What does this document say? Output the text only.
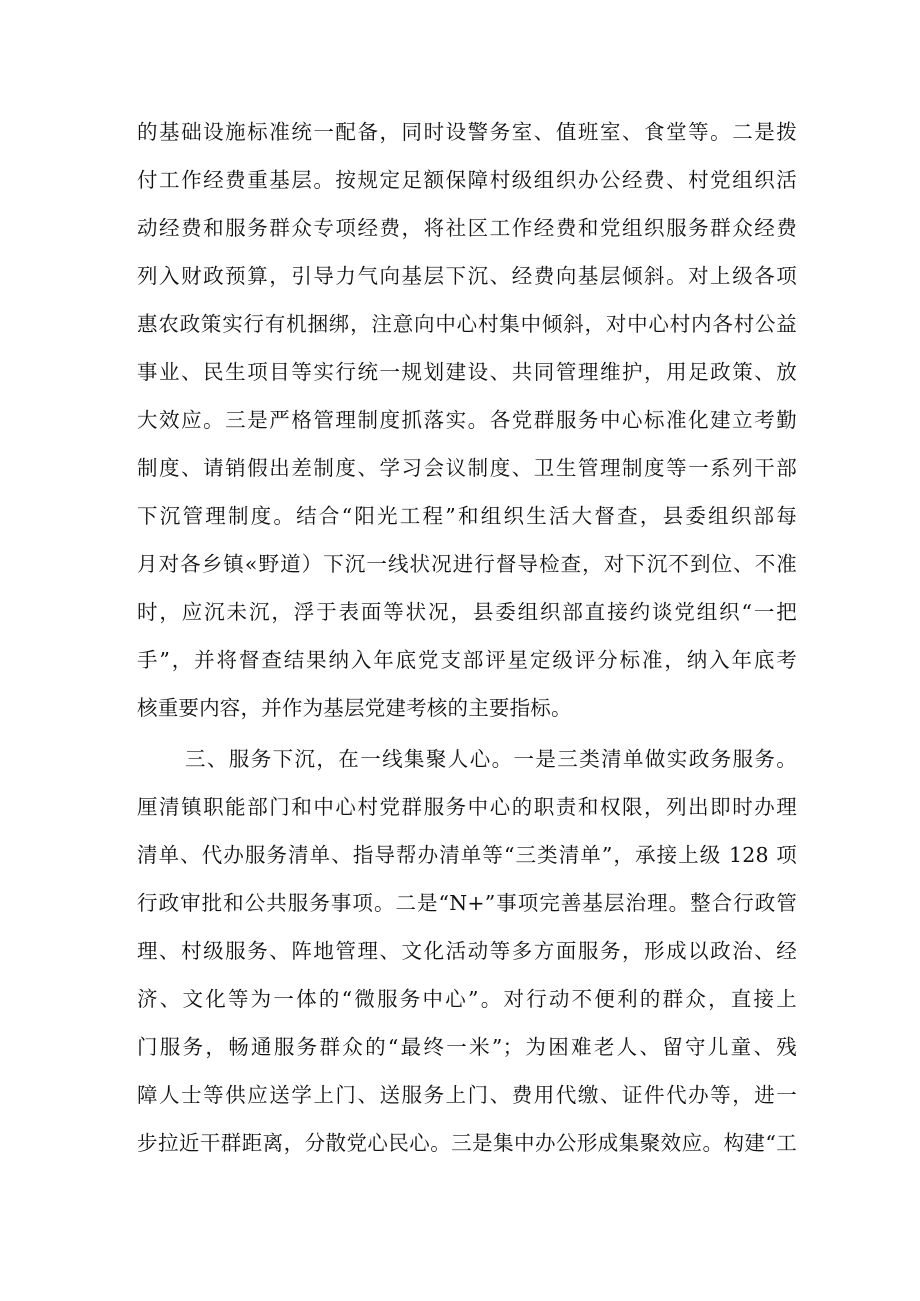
的基础设施标准统一配备，同时设警务室、值班室、食堂等。二是拨
付工作经费重基层。按规定足额保障村级组织办公经费、村党组织活
动经费和服务群众专项经费，将社区工作经费和党组织服务群众经费
列入财政预算，引导力气向基层下沉、经费向基层倾斜。对上级各项
惠农政策实行有机捆绑，注意向中心村集中倾斜，对中心村内各村公益
事业、民生项目等实行统一规划建设、共同管理维护，用足政策、放
大效应。三是严格管理制度抓落实。各党群服务中心标准化建立考勤
制度、请销假出差制度、学习会议制度、卫生管理制度等一系列干部
下沉管理制度。结合“阳光工程”和组织生活大督查，县委组织部每
月对各乡镇«野道）下沉一线状况进行督导检查，对下沉不到位、不准
时，应沉未沉，浮于表面等状况，县委组织部直接约谈党组织“一把
手”，并将督查结果纳入年底党支部评星定级评分标准，纳入年底考
核重要内容，并作为基层党建考核的主要指标。
三、服务下沉，在一线集聚人心。一是三类清单做实政务服务。
厘清镇职能部门和中心村党群服务中心的职责和权限，列出即时办理
清单、代办服务清单、指导帮办清单等“三类清单”，承接上级 128 项
行政审批和公共服务事项。二是“N+”事项完善基层治理。整合行政管
理、村级服务、阵地管理、文化活动等多方面服务，形成以政治、经
济、文化等为一体的“微服务中心”。对行动不便利的群众，直接上
门服务，畅通服务群众的“最终一米”；为困难老人、留守儿童、残
障人士等供应送学上门、送服务上门、费用代缴、证件代办等，进一
步拉近干群距离，分散党心民心。三是集中办公形成集聚效应。构建“工
